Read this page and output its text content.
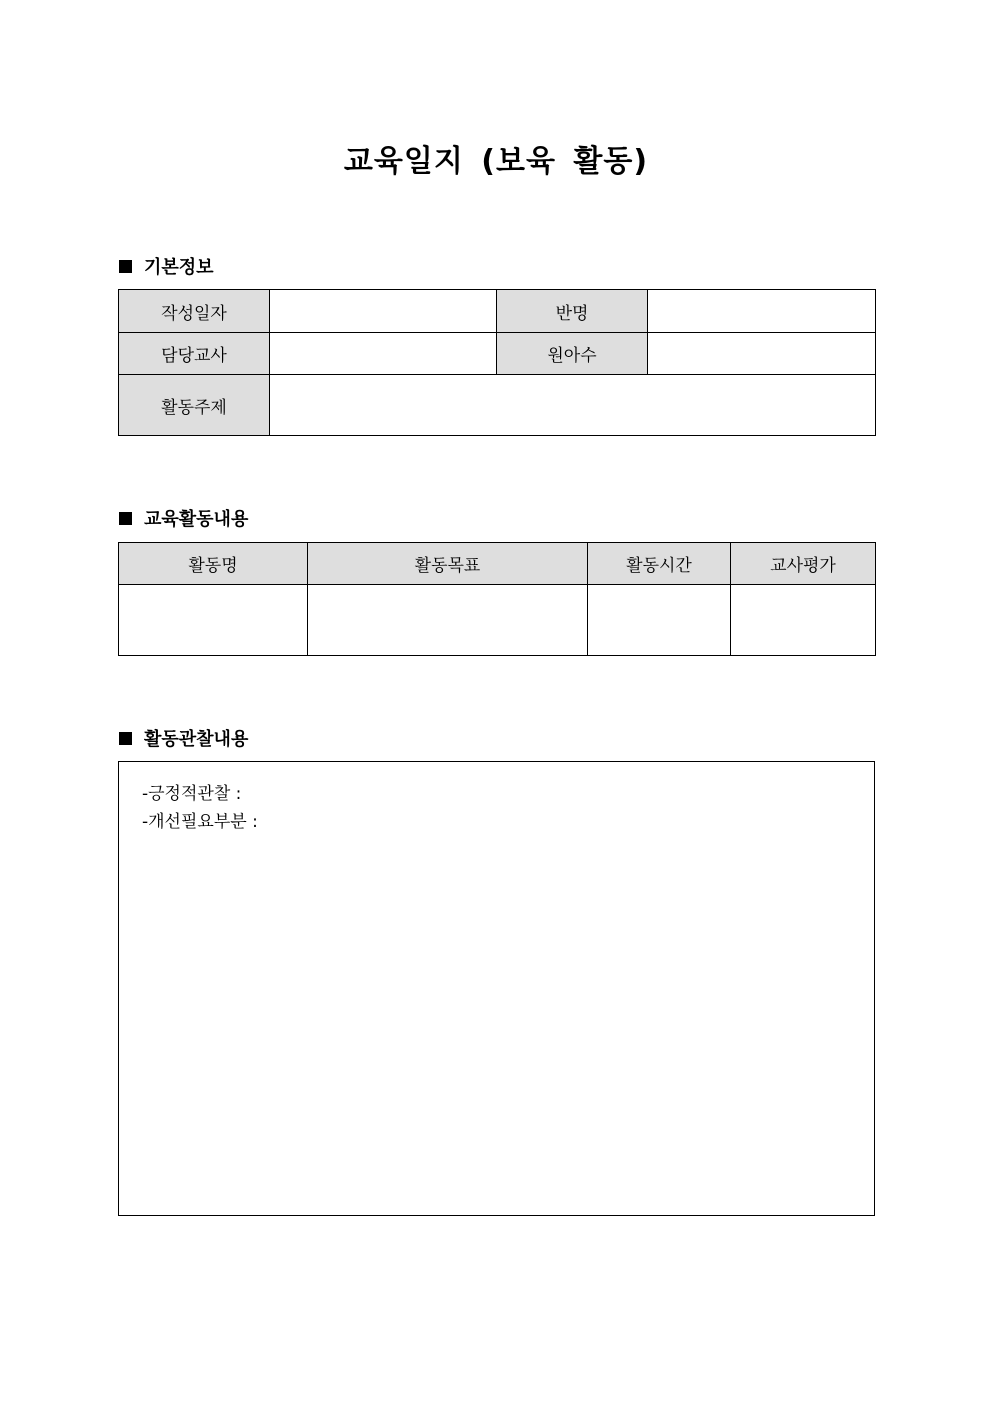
교육일지 (보육 활동)
기본정보
작성일자		반명	
담당교사		원아수	
활동주제			
교육활동내용
활동명	활동목표	활동시간	교사평가

활동관찰내용
-긍정적관찰 :
-개선필요부분 :
